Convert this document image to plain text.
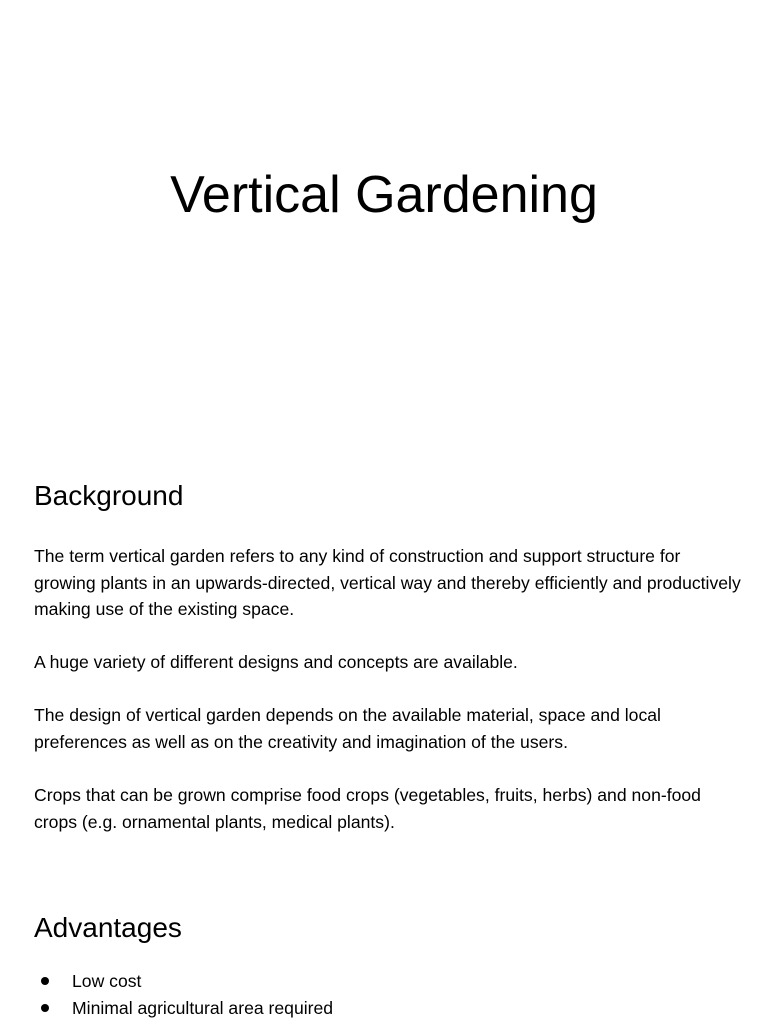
Vertical Gardening
Background

The term vertical garden refers to any kind of construction and support structure for growing plants in an upwards-directed, vertical way and thereby efficiently and productively making use of the existing space.

A huge variety of different designs and concepts are available.

The design of vertical garden depends on the available material, space and local preferences as well as on the creativity and imagination of the users.

Crops that can be grown comprise food crops (vegetables, fruits, herbs) and non-food crops (e.g. ornamental plants, medical plants).

Advantages
Low cost
Minimal agricultural area required
